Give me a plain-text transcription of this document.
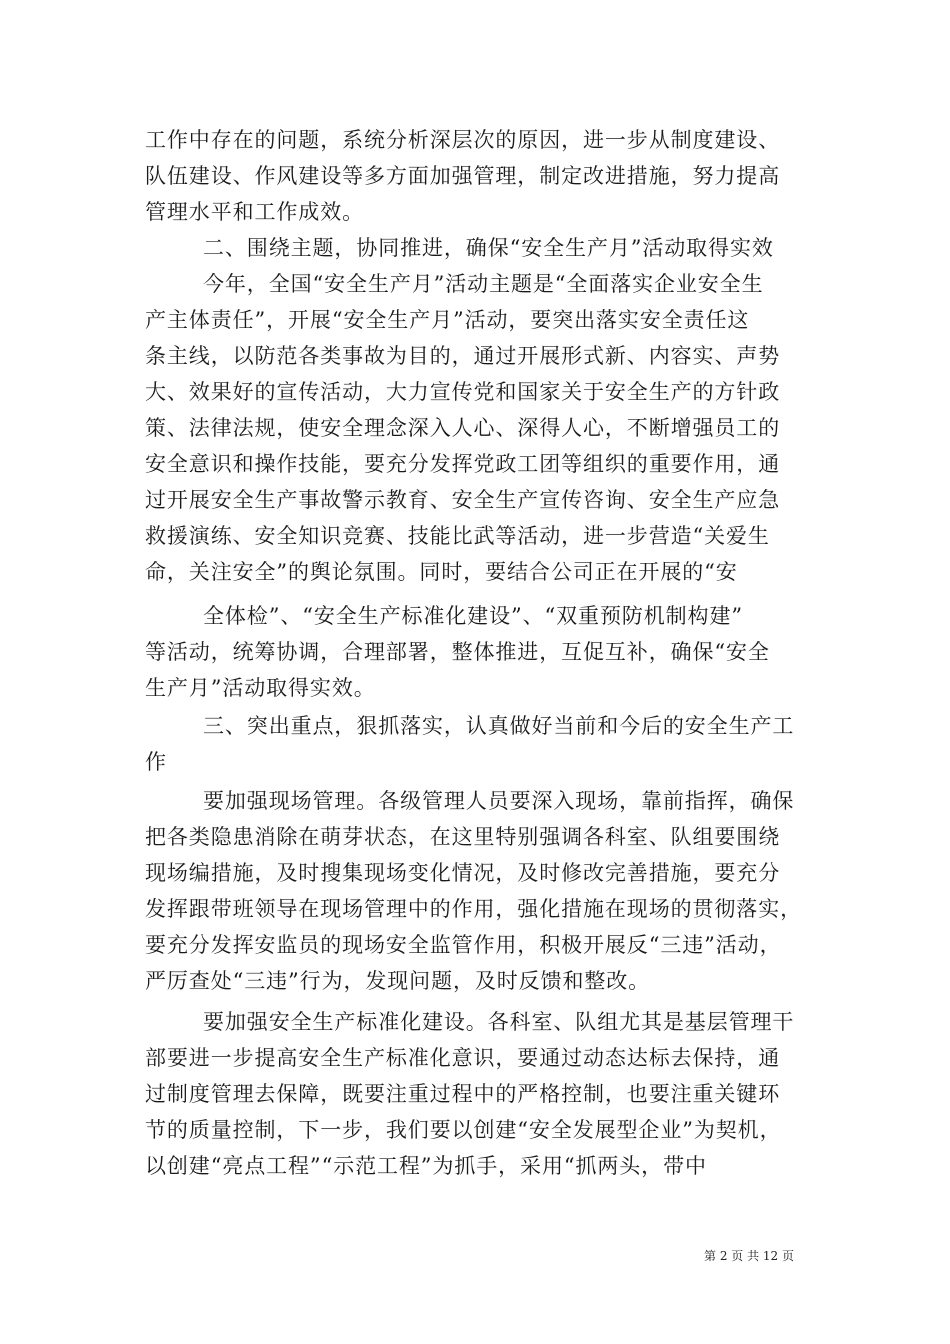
工作中存在的问题，系统分析深层次的原因，进一步从制度建设、
队伍建设、作风建设等多方面加强管理，制定改进措施，努力提高
管理水平和工作成效。
二、围绕主题，协同推进，确保“安全生产月”活动取得实效
今年，全国“安全生产月”活动主题是“全面落实企业安全生
产主体责任”，开展“安全生产月”活动，要突出落实安全责任这
条主线，以防范各类事故为目的，通过开展形式新、内容实、声势
大、效果好的宣传活动，大力宣传党和国家关于安全生产的方针政
策、法律法规，使安全理念深入人心、深得人心，不断增强员工的
安全意识和操作技能，要充分发挥党政工团等组织的重要作用，通
过开展安全生产事故警示教育、安全生产宣传咨询、安全生产应急
救援演练、安全知识竞赛、技能比武等活动，进一步营造“关爱生
命，关注安全”的舆论氛围。同时，要结合公司正在开展的“安
全体检”、“安全生产标准化建设”、“双重预防机制构建”
等活动，统筹协调，合理部署，整体推进，互促互补，确保“安全
生产月”活动取得实效。
三、突出重点，狠抓落实，认真做好当前和今后的安全生产工
作
要加强现场管理。各级管理人员要深入现场，靠前指挥，确保
把各类隐患消除在萌芽状态，在这里特别强调各科室、队组要围绕
现场编措施，及时搜集现场变化情况，及时修改完善措施，要充分
发挥跟带班领导在现场管理中的作用，强化措施在现场的贯彻落实，
要充分发挥安监员的现场安全监管作用，积极开展反“三违”活动，
严厉查处“三违”行为，发现问题，及时反馈和整改。
要加强安全生产标准化建设。各科室、队组尤其是基层管理干
部要进一步提高安全生产标准化意识，要通过动态达标去保持，通
过制度管理去保障，既要注重过程中的严格控制，也要注重关键环
节的质量控制，下一步，我们要以创建“安全发展型企业”为契机，
以创建“亮点工程”“示范工程”为抓手，采用“抓两头，带中
第 2 页 共 12 页
